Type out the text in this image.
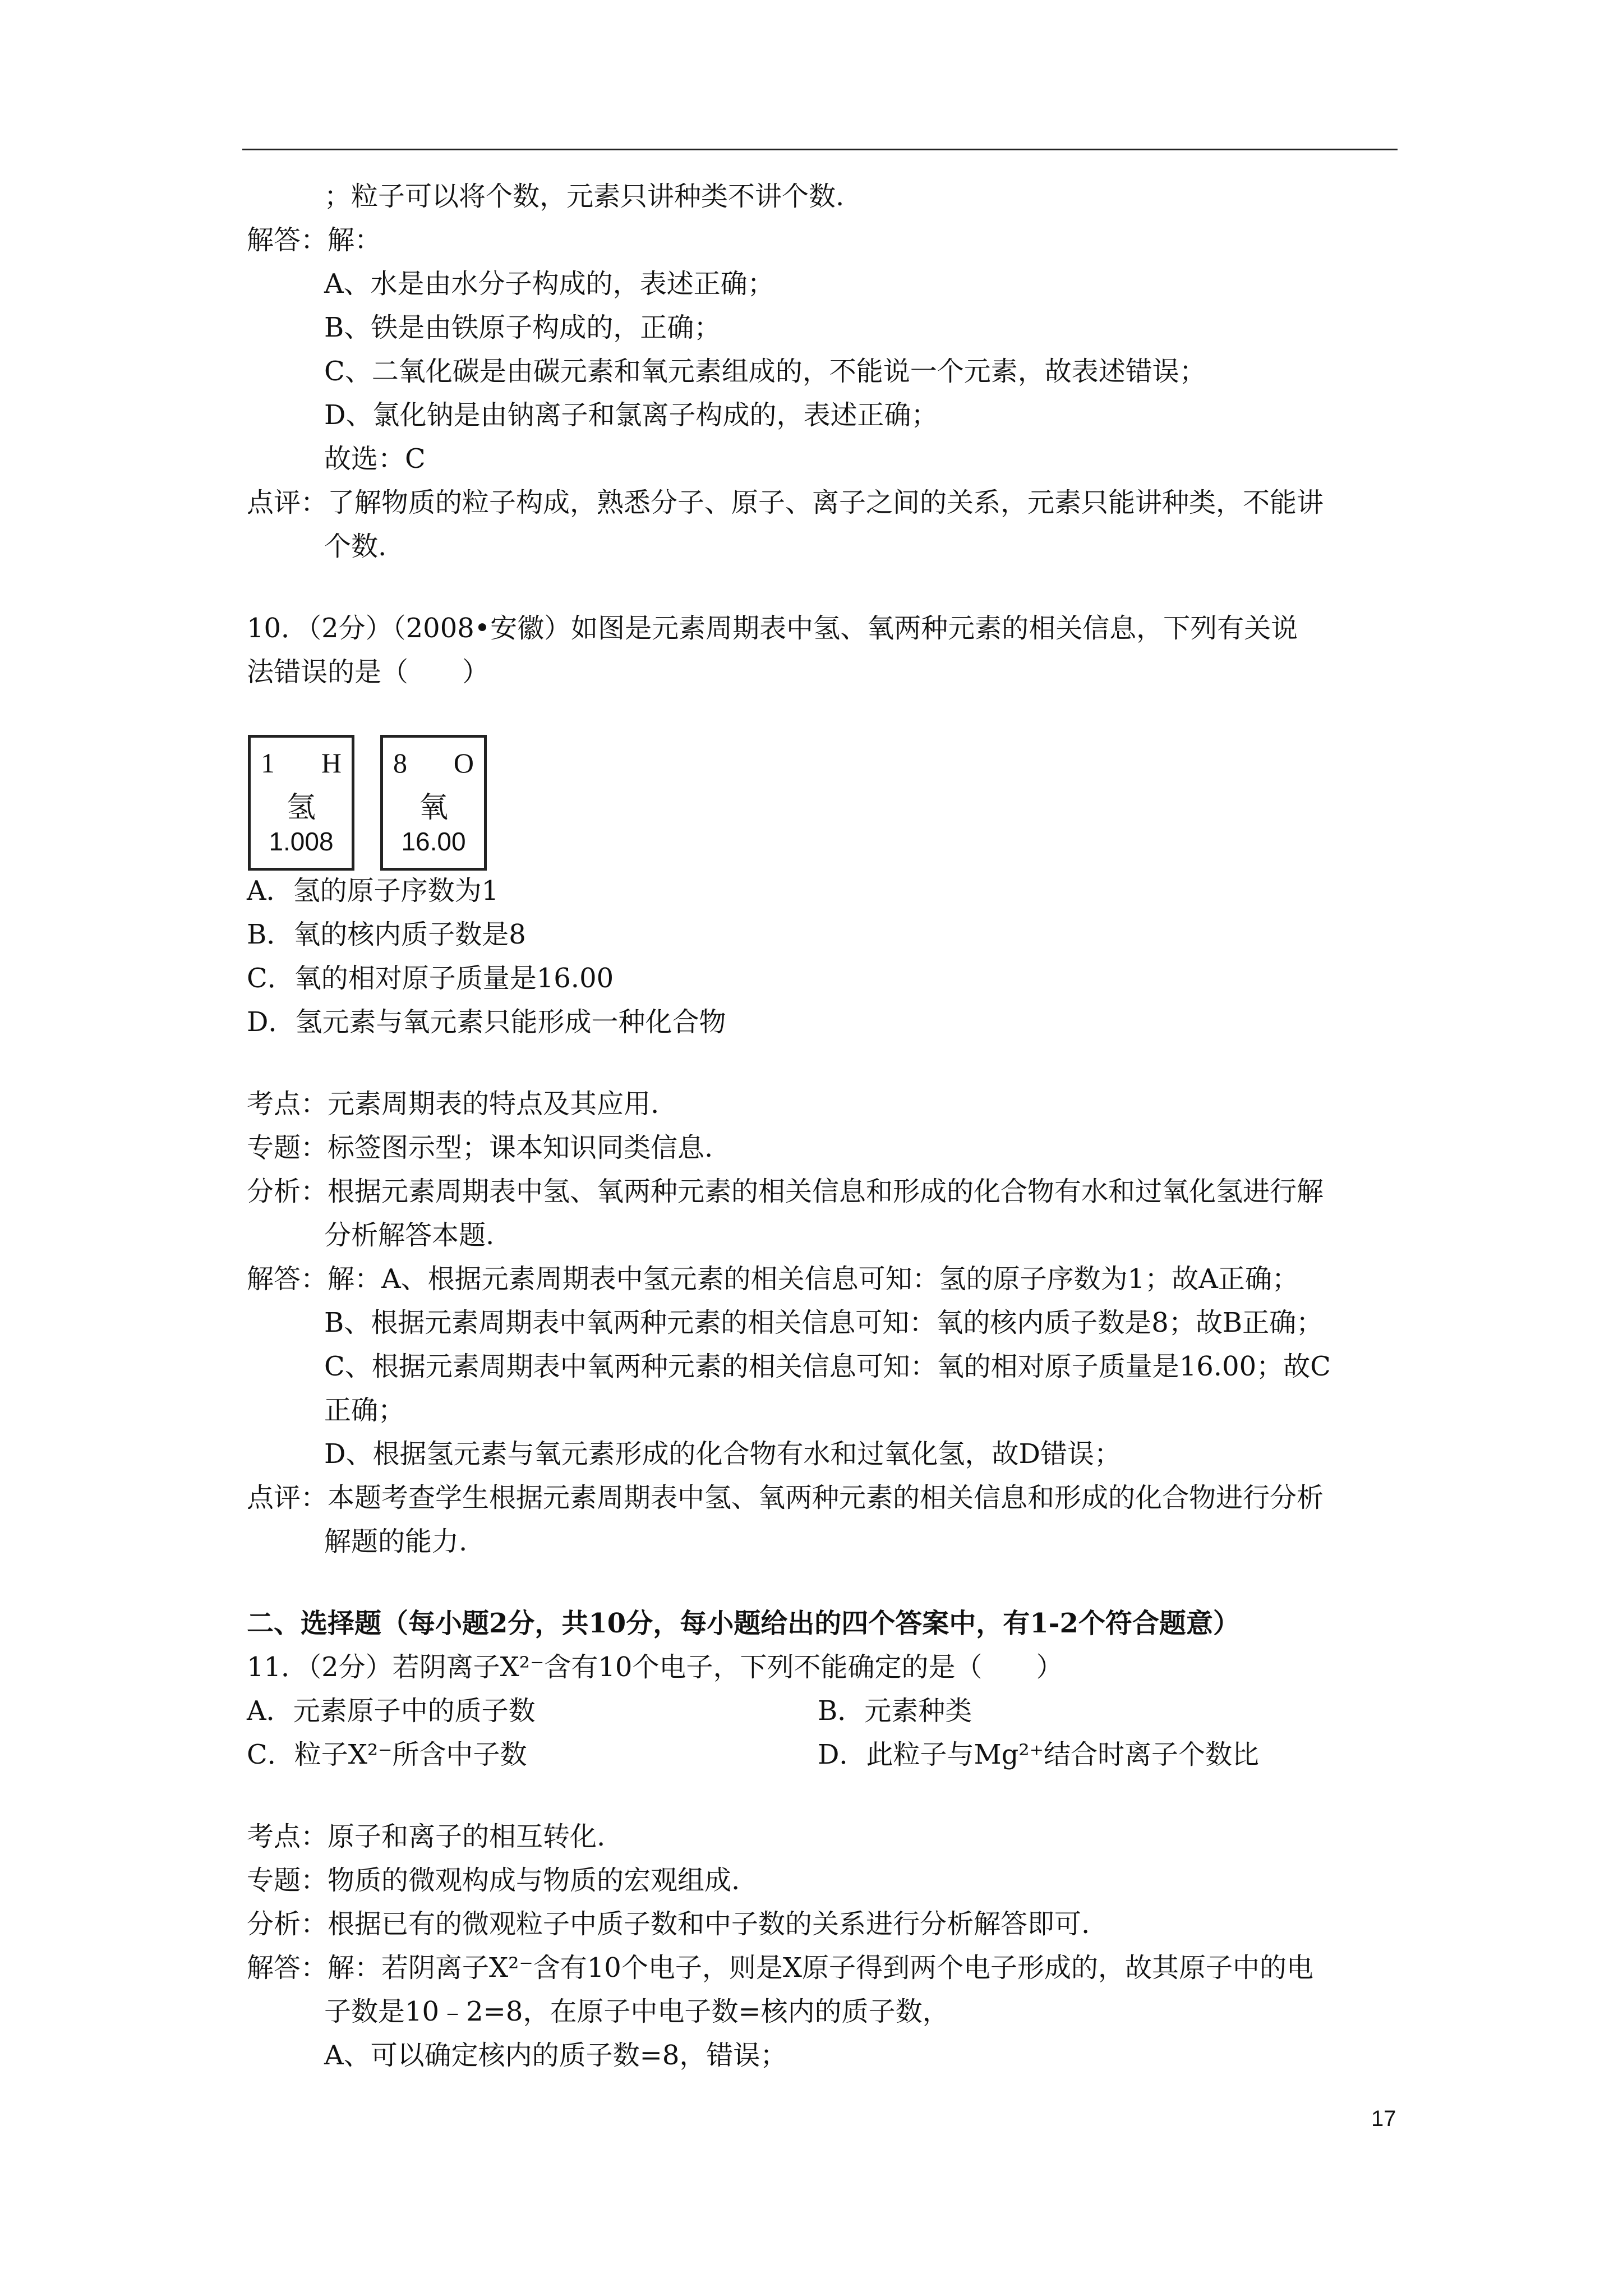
；粒子可以将个数，元素只讲种类不讲个数.
解答：解：
A、水是由水分子构成的，表述正确；
B、铁是由铁原子构成的，正确；
C、二氧化碳是由碳元素和氧元素组成的，不能说一个元素，故表述错误；
D、氯化钠是由钠离子和氯离子构成的，表述正确；
故选：C
点评：了解物质的粒子构成，熟悉分子、原子、离子之间的关系，元素只能讲种类，不能讲
个数.
10．（2分）（2008•安徽）如图是元素周期表中氢、氧两种元素的相关信息，下列有关说
法错误的是（　　）
A．氢的原子序数为1
B．氧的核内质子数是8
C．氧的相对原子质量是16.00
D．氢元素与氧元素只能形成一种化合物
考点：元素周期表的特点及其应用.
专题：标签图示型；课本知识同类信息.
分析：根据元素周期表中氢、氧两种元素的相关信息和形成的化合物有水和过氧化氢进行解
分析解答本题.
解答：解：A、根据元素周期表中氢元素的相关信息可知：氢的原子序数为1；故A正确；
B、根据元素周期表中氧两种元素的相关信息可知：氧的核内质子数是8；故B正确；
C、根据元素周期表中氧两种元素的相关信息可知：氧的相对原子质量是16.00；故C
正确；
D、根据氢元素与氧元素形成的化合物有水和过氧化氢，故D错误；
点评：本题考查学生根据元素周期表中氢、氧两种元素的相关信息和形成的化合物进行分析
解题的能力.
二、选择题（每小题2分，共10分，每小题给出的四个答案中，有1-2个符合题意）
11．（2分）若阴离子X²⁻含有10个电子，下列不能确定的是（　　）
A．元素原子中的质子数	B．元素种类
C．粒子X²⁻所含中子数	D．此粒子与Mg²⁺结合时离子个数比
考点：原子和离子的相互转化.
专题：物质的微观构成与物质的宏观组成.
分析：根据已有的微观粒子中质子数和中子数的关系进行分析解答即可.
解答：解：若阴离子X²⁻含有10个电子，则是X原子得到两个电子形成的，故其原子中的电
子数是10﹣2=8，在原子中电子数=核内的质子数，
A、可以确定核内的质子数=8，错误；
1 H
氢
1.008
8 O
氧
16.00
17
